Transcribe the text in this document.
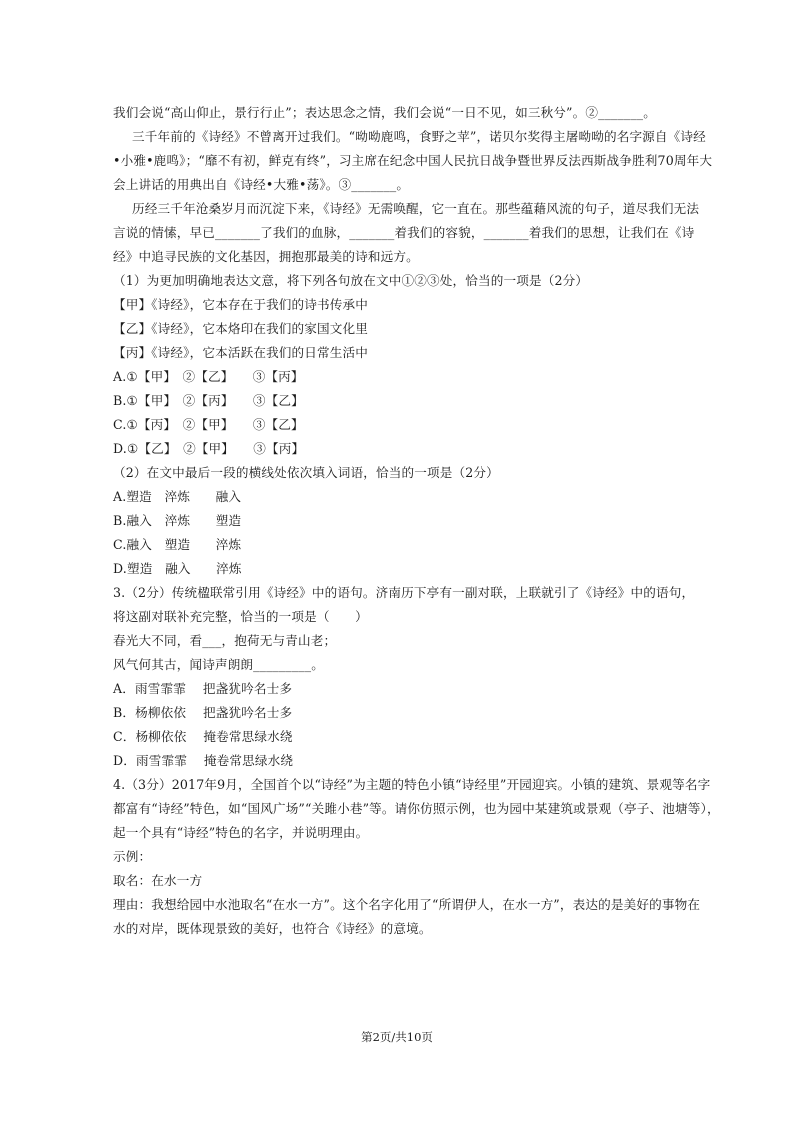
我们会说“高山仰止，景行行止”；表达思念之情，我们会说“一日不见，如三秋兮”。②_______。
三千年前的《诗经》不曾离开过我们。“呦呦鹿鸣，食野之苹”，诺贝尔奖得主屠呦呦的名字源自《诗经
•小雅•鹿鸣》；“靡不有初，鲜克有终”，习主席在纪念中国人民抗日战争暨世界反法西斯战争胜利70周年大
会上讲话的用典出自《诗经•大雅•荡》。③_______。
历经三千年沧桑岁月而沉淀下来，《诗经》无需唤醒，它一直在。那些蕴藉风流的句子，道尽我们无法
言说的情愫，早已_______了我们的血脉，_______着我们的容貌，_______着我们的思想，让我们在《诗
经》中追寻民族的文化基因，拥抱那最美的诗和远方。
（1）为更加明确地表达文意，将下列各句放在文中①②③处，恰当的一项是（2分）
【甲】《诗经》，它本存在于我们的诗书传承中
【乙】《诗经》，它本烙印在我们的家国文化里
【丙】《诗经》，它本活跃在我们的日常生活中
A.①【甲】　②【乙】　　③【丙】
B.①【甲】　②【丙】　　③【乙】
C.①【丙】　②【甲】　　③【乙】
D.①【乙】　②【甲】　　③【丙】
（2）在文中最后一段的横线处依次填入词语，恰当的一项是（2分）
A.塑造　淬炼　　融入
B.融入　淬炼　　塑造
C.融入　塑造　　淬炼
D.塑造　融入　　淬炼
3.（2分）传统楹联常引用《诗经》中的语句。济南历下亭有一副对联，上联就引了《诗经》中的语句，
将这副对联补充完整，恰当的一项是（　　）
春光大不同，看___，抱荷无与青山老；
风气何其古，闻诗声朗朗_________。
A．雨雪霏霏　 把盏犹吟名士多
B．杨柳依依　 把盏犹吟名士多
C．杨柳依依　 掩卷常思绿水绕
D．雨雪霏霏　 掩卷常思绿水绕
4.（3分）2017年9月，全国首个以“诗经”为主题的特色小镇“诗经里”开园迎宾。小镇的建筑、景观等名字
都富有“诗经”特色，如“国风广场”“关雎小巷”等。请你仿照示例，也为园中某建筑或景观（亭子、池塘等），
起一个具有“诗经”特色的名字，并说明理由。
示例：
取名：在水一方
理由：我想给园中水池取名“在水一方”。这个名字化用了“所谓伊人，在水一方”，表达的是美好的事物在
水的对岸，既体现景致的美好，也符合《诗经》的意境。
第2页/共10页
